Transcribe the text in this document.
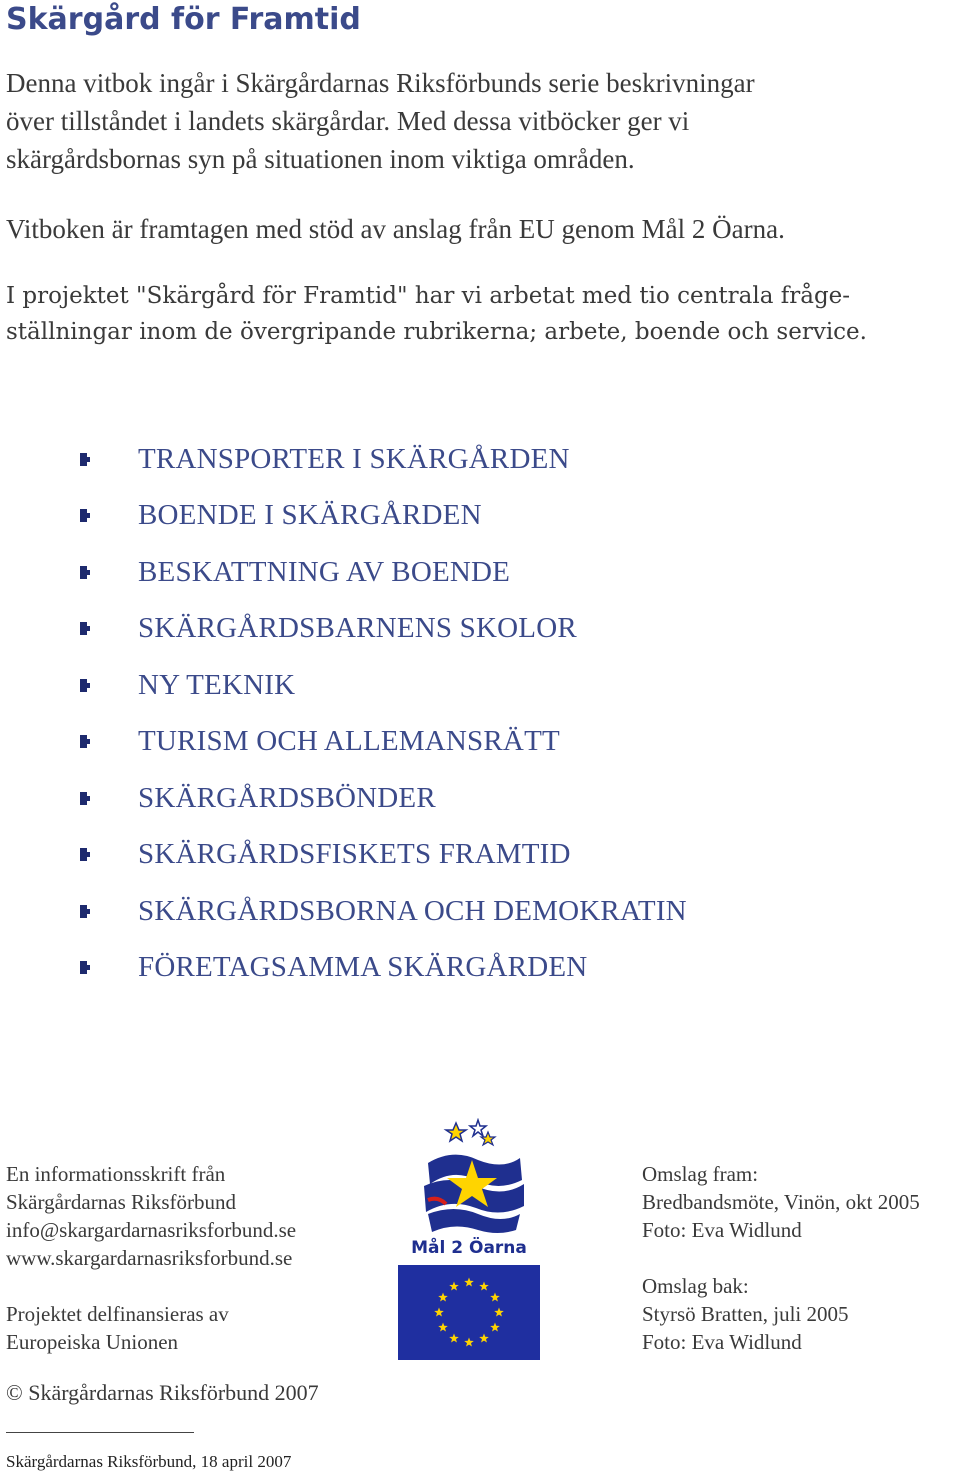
Skärgård för Framtid
Denna vitbok ingår i Skärgårdarnas Riksförbunds serie beskrivningar
över tillståndet i landets skärgårdar. Med dessa vitböcker ger vi
skärgårdsbornas syn på situationen inom viktiga områden.
Vitboken är framtagen med stöd av anslag från EU genom Mål 2 Öarna.
I projektet "Skärgård för Framtid" har vi arbetat med tio centrala fråge-
ställningar inom de övergripande rubrikerna; arbete, boende och service.
TRANSPORTER I SKÄRGÅRDEN
BOENDE I SKÄRGÅRDEN
BESKATTNING AV BOENDE
SKÄRGÅRDSBARNENS SKOLOR
NY TEKNIK
TURISM OCH ALLEMANSRÄTT
SKÄRGÅRDSBÖNDER
SKÄRGÅRDSFISKETS FRAMTID
SKÄRGÅRDSBORNA OCH DEMOKRATIN
FÖRETAGSAMMA SKÄRGÅRDEN
En informationsskrift från
Skärgårdarnas Riksförbund
info@skargardarnasriksforbund.se
www.skargardarnasriksforbund.se
Projektet delfinansieras av
Europeiska Unionen
Mål 2 Öarna
Omslag fram:
Bredbandsmöte, Vinön, okt 2005
Foto: Eva Widlund
Omslag bak:
Styrsö Bratten, juli 2005
Foto: Eva Widlund
© Skärgårdarnas Riksförbund 2007
Skärgårdarnas Riksförbund, 18 april 2007
